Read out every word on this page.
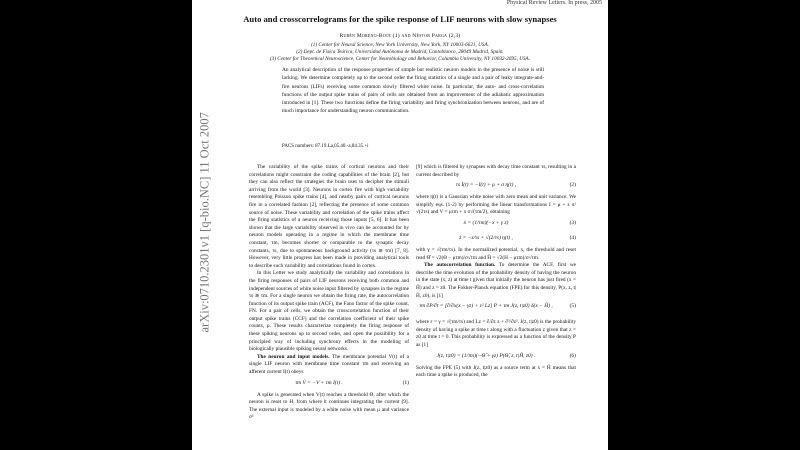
Physical Review Letters. In press, 2005
Auto and crosscorrelograms for the spike response of LIF neurons with slow synapses
Rubén Moreno-Bote (1) and Néstor Parga (2,3)
(1) Center for Neural Science, New York University, New York, NY 10003-6621, USA.
(2) Dept. de Física Teórica, Universidad Autónoma de Madrid, Cantoblanco, 28049 Madrid, Spain.
(3) Center for Theoretical Neuroscience, Center for Neurobiology and Behavior, Columbia University, NY 10032-2695, USA.
An analytical description of the response properties of simple but realistic neuron models in the presence of noise is still lacking. We determine completely up to the second order the firing statistics of a single and a pair of leaky integrate-and-fire neurons (LIFs) receiving some common slowly filtered white noise. In particular, the auto- and cross-correlation functions of the output spike trains of pairs of cells are obtained from an improvement of the adiabatic approximation introduced in [1]. These two functions define the firing variability and firing synchronization between neurons, and are of much importance for understanding neuron communication.
PACS numbers: 87.19.La,05.40.-a,84.35.+i
arXiv:0710.2301v1 [q-bio.NC] 11 Oct 2007	The variability of the spike trains of cortical neurons and their correlations might constraint the coding capabilities of the brain [2], but they can also reflect the strategies the brain uses to decipher the stimuli arriving from the world [3]. Neurons in cortex fire with high variability resembling Poisson spike trains [4], and nearby pairs of cortical neurons fire in a correlated fashion [2], reflecting the presence of some common source of noise. These variability and correlation of the spike trains affect the firing statistics of a neuron receiving those inputs [5, 6]. It has been shown that the large variability observed in vivo can be accounted for by neuron models operating in a regime in which the membrane time constant, τm, becomes shorter or comparable to the synaptic decay constants, τs, due to spontaneous background activity (τs ≳ τm) [7, 8]. However, very little progress has been made in providing analytical tools to describe such variability and correlations found in cortex.

In this Letter we study analytically the variability and correlations in the firing responses of pairs of LIF neurons receiving both common and independent sources of white noise input filtered by synapses in the regime τs ≳ τm. For a single neuron we obtain the firing rate, the autocorrelation function of its output spike train (ACF), the Fano factor of the spike count, FN. For a pair of cells, we obtain the crosscorrelation function of their output spike trains (CCF) and the correlation coefficient of their spike counts, ρ. These results characterize completely the firing response of these spiking neurons up to second order, and open the possibility for a principled way of including synchrony effects in the modeling of biologically plausible spiking neural networks.

The neuron and input models. The membrane potential V(t) of a single LIF neuron with membrane time constant τm and receiving an afferent current I(t) obeys

τm V̇ = −V + τm I(t) .	(1)

A spike is generated when V(t) reaches a threshold Θ, after which the neuron is reset to H, from where it continues integrating the current [9]. The external input is modeled by a white noise with mean μ and variance σ²

[9] which is filtered by synapses with decay time constant τs, resulting in a current described by

τs İ(t) = −I(t) + μ + σ η(t) ,	(2)

where η(t) is a Gaussian white noise with zero mean and unit variance. We simplify eqs. (1-2) by performing the linear transformations I = μ + z σ/√(2τs) and V = μτm + x σ√(τm/2), obtaining

ẋ = (1/τm)(−x + γ z)	(3)
ż = −z/τs + √(2/τs) η(t) ,	(4)

with γ = √(τm/τs). In the normalized potential, x, the threshold and reset read Θ̂ = √2(Θ − μτm)/σ√τm and Ĥ = √2(H − μτm)/σ√τm.

The autocorrelation function. To determine the ACF, first we describe the time evolution of the probability density of having the neuron in the state (x, z) at time t given that initially the neuron has just fired (x = Ĥ) and z = z0. The Fokker-Planck equation (FPE) for this density, P(x, z, t|Ĥ, z0), is [1]

τm ∂P/∂t = [∂/∂x(x − γz) + ε² Lz] P + τm J(z, t|z0) δ(x − Ĥ) ,	(5)

where ε = γ = √(τm/τs) and Lz = ∂/∂z z + ∂²/∂z². J(z, t|z0) is the probability density of having a spike at time t along with a fluctuation z given that z = z0 at time t = 0. This probability is expressed as a function of the density P as [1]

J(z, t|z0) = (1/τm)(−Θ̂ + γz) P(Θ̂, z, t|Ĥ, z0) .	(6)

Solving the FPE (5) with J(z, t|z0) as a source term at x = Ĥ means that each time a spike is produced, the
